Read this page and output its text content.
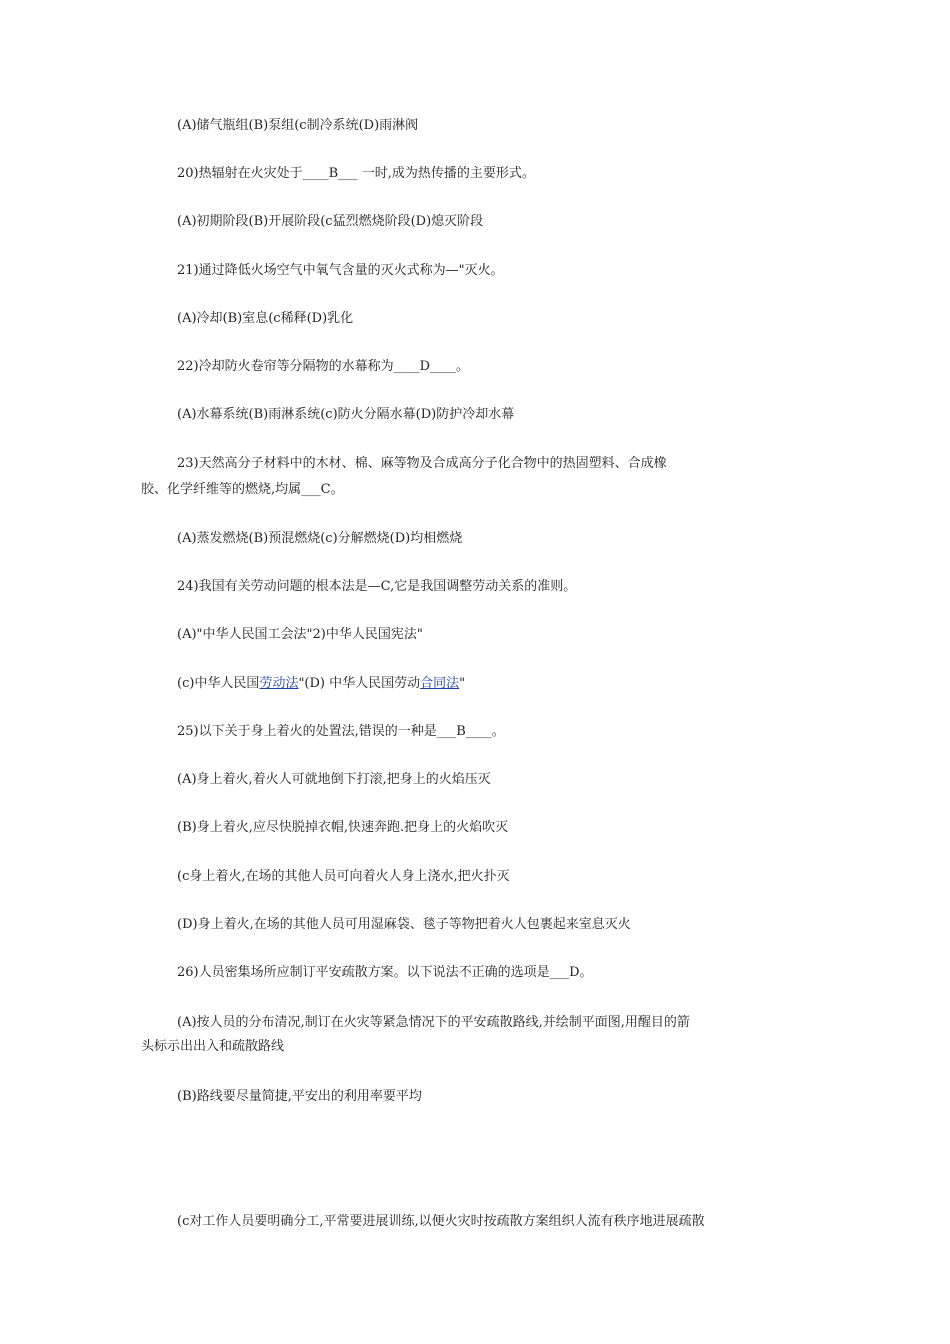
(A)储气瓶组(B)泵组(c制冷系统(D)雨淋阀
20)热辐射在火灾处于____B___ 一时,成为热传播的主要形式。
(A)初期阶段(B)开展阶段(c猛烈燃烧阶段(D)熄灭阶段
21)通过降低火场空气中氧气含量的灭火式称为—"灭火。
(A)冷却(B)室息(c稀释(D)乳化
22)冷却防火卷帘等分隔物的水幕称为____D____。
(A)水幕系统(B)雨淋系统(c)防火分隔水幕(D)防护冷却水幕
23)天然高分子材料中的木材、棉、麻等物及合成高分子化合物中的热固塑料、合成橡
胶、化学纤维等的燃烧,均属___C。
(A)蒸发燃烧(B)预混燃烧(c)分解燃烧(D)均相燃烧
24)我国有关劳动问题的根本法是—C,它是我国调整劳动关系的准则。
(A)"中华人民国工会法"2)中华人民国宪法"
(c)中华人民国劳动法"(D) 中华人民国劳动合同法"
25)以下关于身上着火的处置法,错误的一种是___B____。
(A)身上着火,着火人可就地倒下打滚,把身上的火焰压灭
(B)身上着火,应尽快脱掉衣帽,快速奔跑.把身上的火焰吹灭
(c身上着火,在场的其他人员可向着火人身上浇水,把火扑灭
(D)身上着火,在场的其他人员可用湿麻袋、毯子等物把着火人包裹起来室息灭火
26)人员密集场所应制订平安疏散方案。以下说法不正确的选项是___D。
(A)按人员的分布清况,制订在火灾等紧急情况下的平安疏散路线,并绘制平面图,用醒目的箭
头标示出出入和疏散路线
(B)路线要尽量简捷,平安出的利用率要平均
(c对工作人员要明确分工,平常要进展训练,以便火灾时按疏散方案组织人流有秩序地进展疏散
